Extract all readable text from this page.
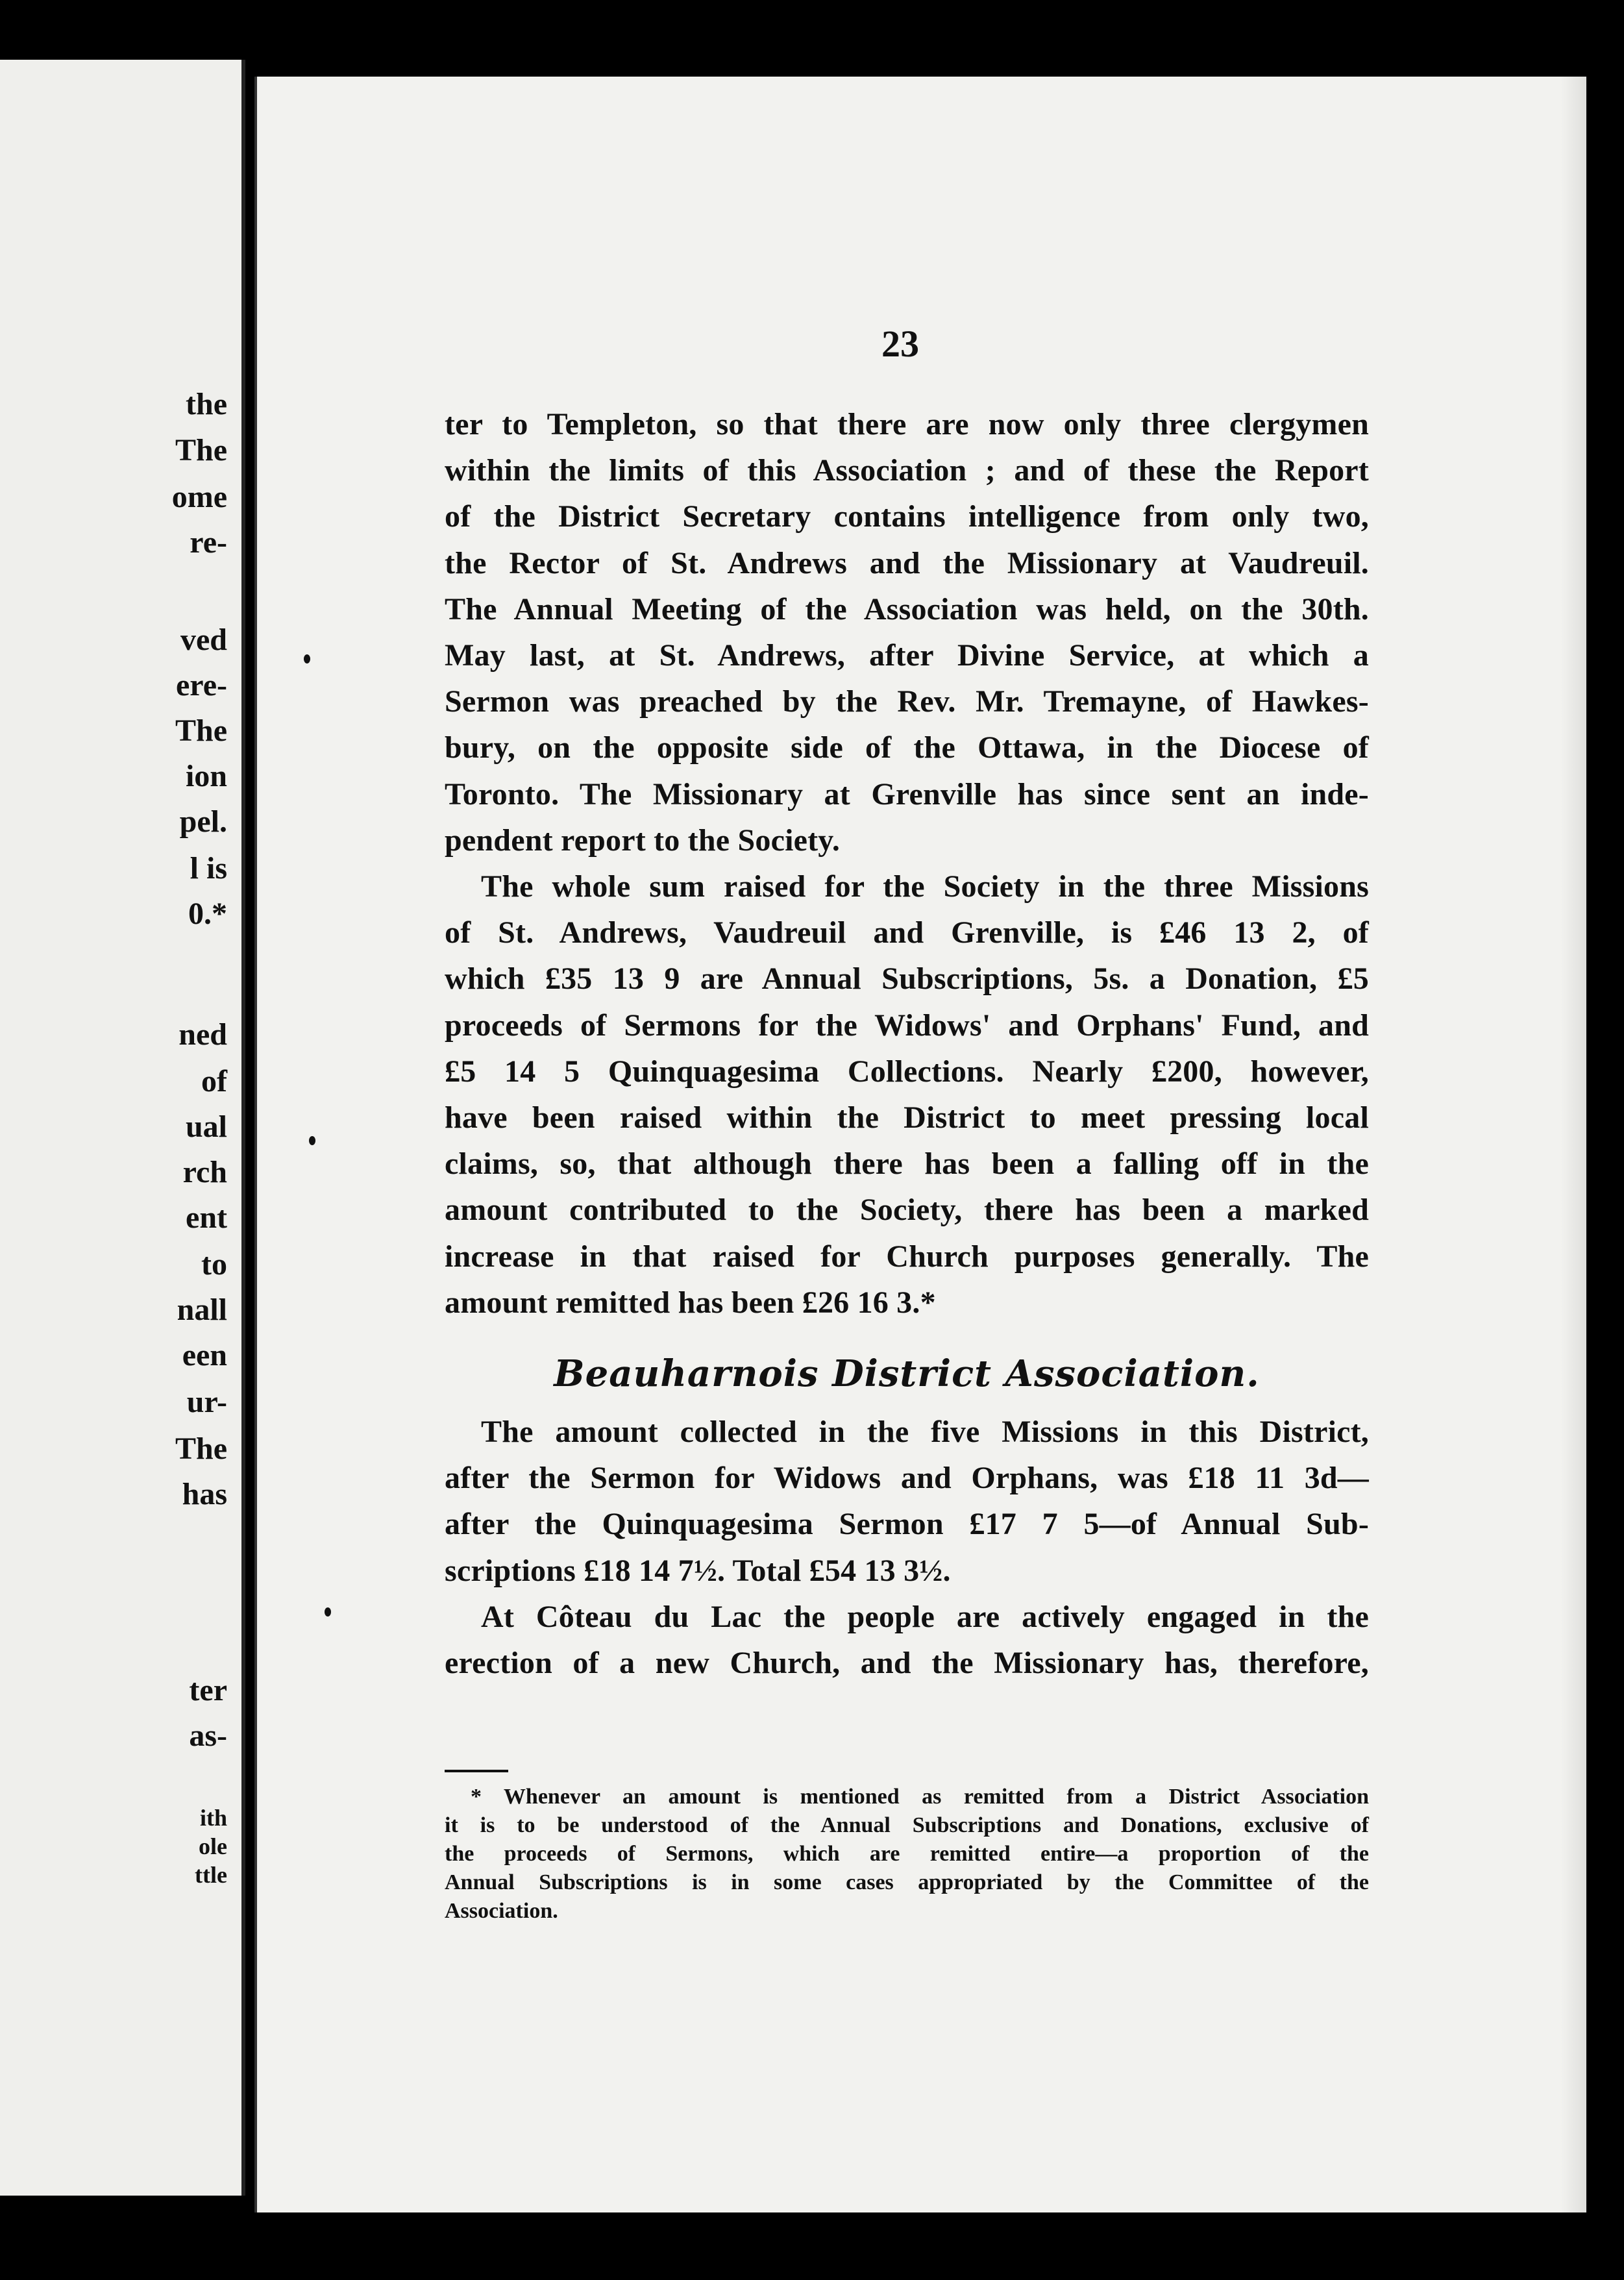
the
The
ome
re-
ved
ere-
The
ion
pel.
l is
0.*
ned
of
ual
rch
ent
to
nall
een
ur-
The
has
ter
as-
ith
ole
ttle
23
ter to Templeton, so that there are now only three clergymen
within the limits of this Association ; and of these the Report
of the District Secretary contains intelligence from only two,
the Rector of St. Andrews and the Missionary at Vaudreuil.
The Annual Meeting of the Association was held, on the 30th.
May last, at St. Andrews, after Divine Service, at which a
Sermon was preached by the Rev. Mr. Tremayne, of Hawkes-
bury, on the opposite side of the Ottawa, in the Diocese of
Toronto. The Missionary at Grenville has since sent an inde-
pendent report to the Society.
The whole sum raised for the Society in the three Missions
of St. Andrews, Vaudreuil and Grenville, is £46 13 2, of
which £35 13 9 are Annual Subscriptions, 5s. a Donation, £5
proceeds of Sermons for the Widows' and Orphans' Fund, and
£5 14 5 Quinquagesima Collections. Nearly £200, however,
have been raised within the District to meet pressing local
claims, so, that although there has been a falling off in the
amount contributed to the Society, there has been a marked
increase in that raised for Church purposes generally. The
amount remitted has been £26 16 3.*
Beauharnois District Association.
The amount collected in the five Missions in this District,
after the Sermon for Widows and Orphans, was £18 11 3d—
after the Quinquagesima Sermon £17 7 5—of Annual Sub-
scriptions £18 14 7½. Total £54 13 3½.
At Côteau du Lac the people are actively engaged in the
erection of a new Church, and the Missionary has, therefore,
* Whenever an amount is mentioned as remitted from a District Association
it is to be understood of the Annual Subscriptions and Donations, exclusive of
the proceeds of Sermons, which are remitted entire—a proportion of the
Annual Subscriptions is in some cases appropriated by the Committee of the
Association.
